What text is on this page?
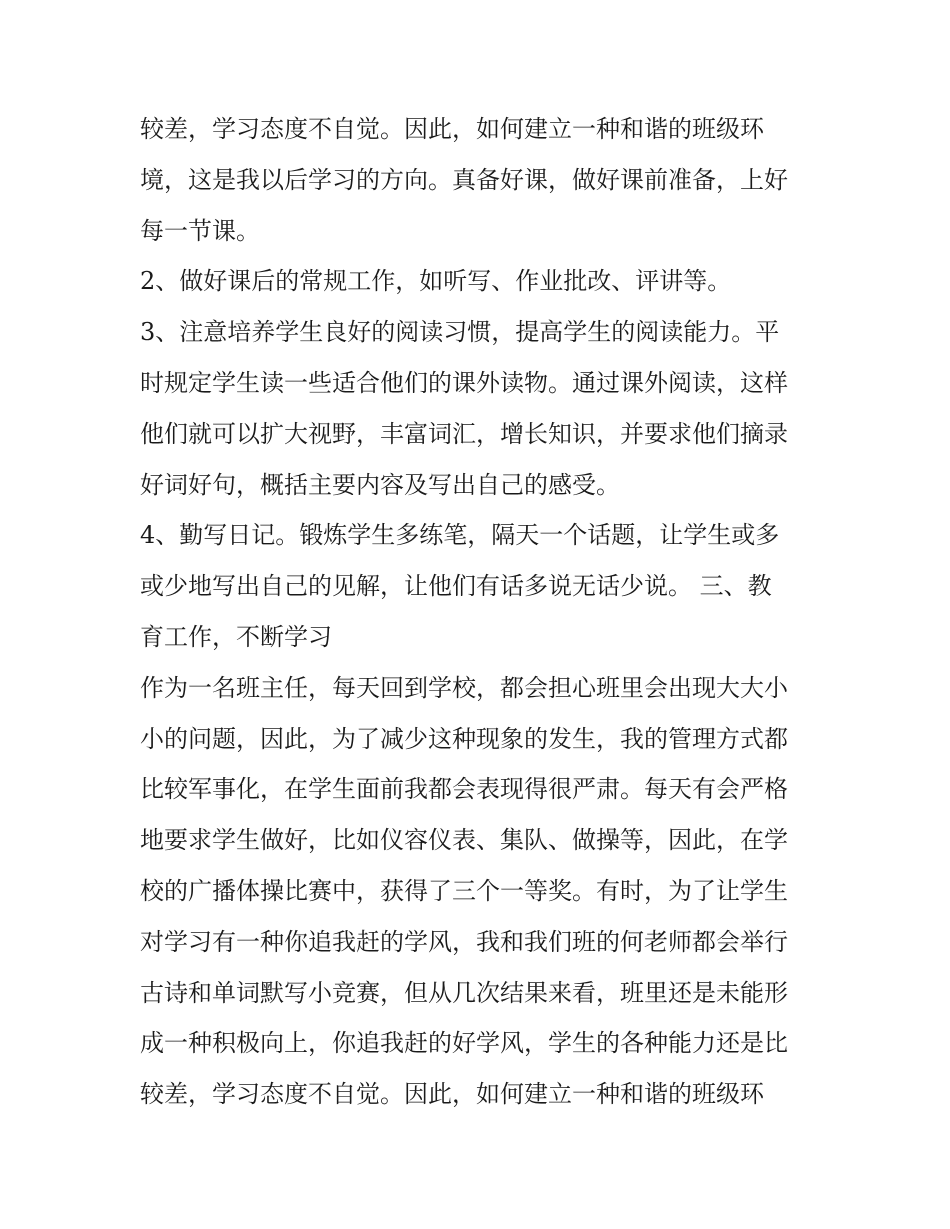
较差，学习态度不自觉。因此，如何建立一种和谐的班级环
境，这是我以后学习的方向。真备好课，做好课前准备，上好
每一节课。
2、做好课后的常规工作，如听写、作业批改、评讲等。
3、注意培养学生良好的阅读习惯，提高学生的阅读能力。平
时规定学生读一些适合他们的课外读物。通过课外阅读，这样
他们就可以扩大视野，丰富词汇，增长知识，并要求他们摘录
好词好句，概括主要内容及写出自己的感受。
4、勤写日记。锻炼学生多练笔，隔天一个话题，让学生或多
或少地写出自己的见解，让他们有话多说无话少说。 三、教
育工作，不断学习
作为一名班主任，每天回到学校，都会担心班里会出现大大小
小的问题，因此，为了减少这种现象的发生，我的管理方式都
比较军事化，在学生面前我都会表现得很严肃。每天有会严格
地要求学生做好，比如仪容仪表、集队、做操等，因此，在学
校的广播体操比赛中，获得了三个一等奖。有时，为了让学生
对学习有一种你追我赶的学风，我和我们班的何老师都会举行
古诗和单词默写小竞赛，但从几次结果来看，班里还是未能形
成一种积极向上，你追我赶的好学风，学生的各种能力还是比
较差，学习态度不自觉。因此，如何建立一种和谐的班级环
